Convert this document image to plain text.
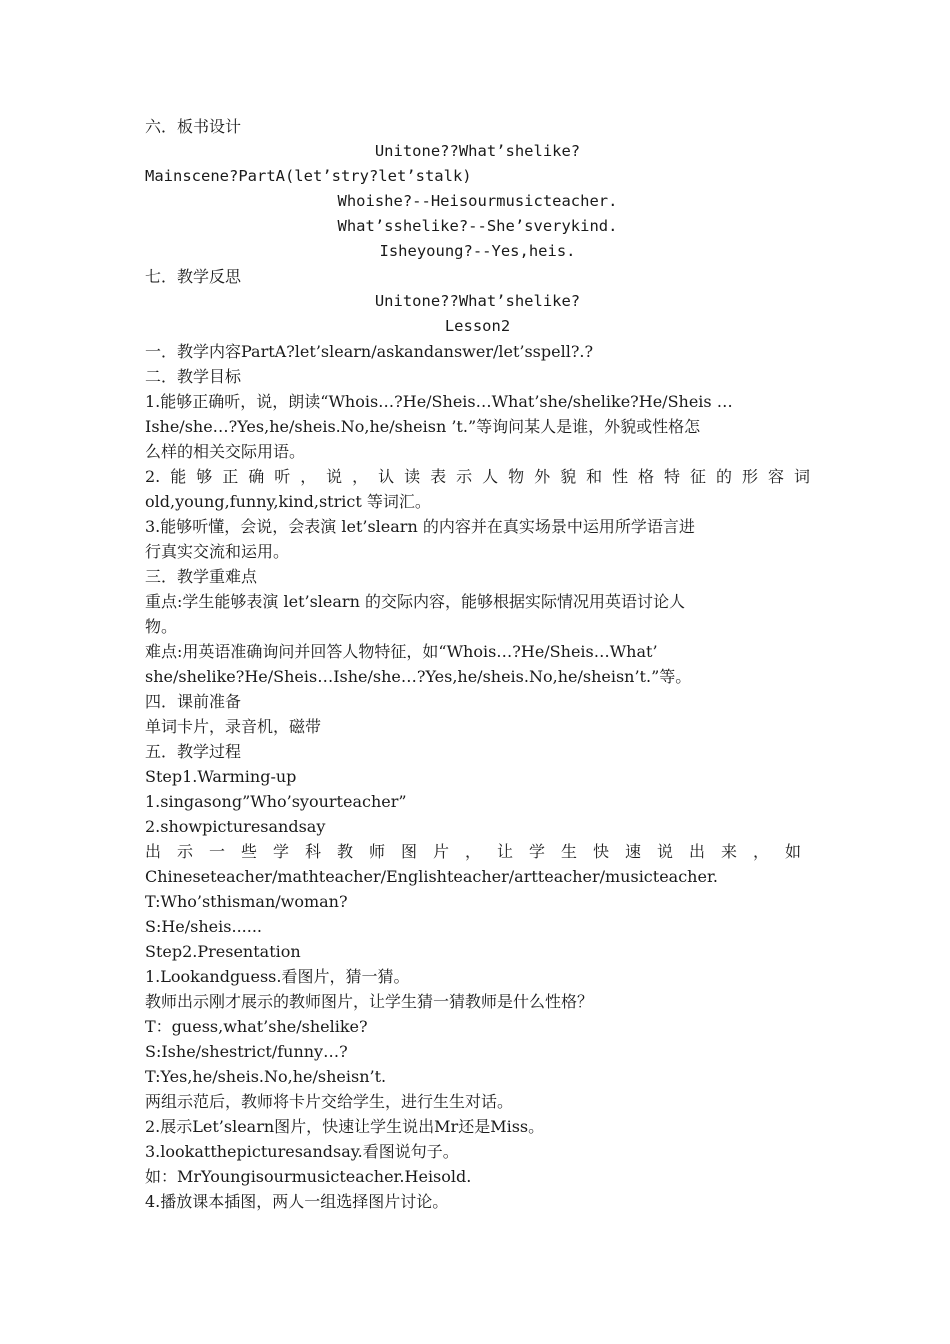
六．板书设计
Unitone??What’shelike?
Mainscene?PartA(let’stry?let’stalk)
Whoishe?--Heisourmusicteacher.
What’sshelike?--She’sverykind.
Isheyoung?--Yes,heis.
七．教学反思
Unitone??What’shelike?
Lesson2
一．教学内容PartA?let’slearn/askandanswer/let’sspell?.?
二．教学目标
1.能够正确听，说，朗读“Whois…?He/Sheis…What’she/shelike?He/Sheis …
Ishe/she…?Yes,he/sheis.No,he/sheisn ’t.”等询问某人是谁，外貌或性格怎
么样的相关交际用语。
2.能够正确听，说，认读表示人物外貌和性格特征的形容词
old,young,funny,kind,strict 等词汇。
3.能够听懂，会说，会表演 let’slearn 的内容并在真实场景中运用所学语言进
行真实交流和运用。
三．教学重难点
重点:学生能够表演 let’slearn 的交际内容，能够根据实际情况用英语讨论人
物。
难点:用英语准确询问并回答人物特征，如“Whois…?He/Sheis…What’
she/shelike?He/Sheis…Ishe/she…?Yes,he/sheis.No,he/sheisn’t.”等。
四．课前准备
单词卡片，录音机，磁带
五．教学过程
Step1.Warming-up
1.singasong”Who’syourteacher”
2.showpicturesandsay
出示一些学科教师图片，让学生快速说出来，如
Chineseteacher/mathteacher/Englishteacher/artteacher/musicteacher.
T:Who’sthisman/woman?
S:He/sheis......
Step2.Presentation
1.Lookandguess.看图片，猜一猜。
教师出示刚才展示的教师图片，让学生猜一猜教师是什么性格？
T：guess,what’she/shelike?
S:Ishe/shestrict/funny…?
T:Yes,he/sheis.No,he/sheisn’t.
两组示范后，教师将卡片交给学生，进行生生对话。
2.展示Let’slearn图片，快速让学生说出Mr还是Miss。
3.lookatthepicturesandsay.看图说句子。
如：MrYoungisourmusicteacher.Heisold.
4.播放课本插图，两人一组选择图片讨论。
